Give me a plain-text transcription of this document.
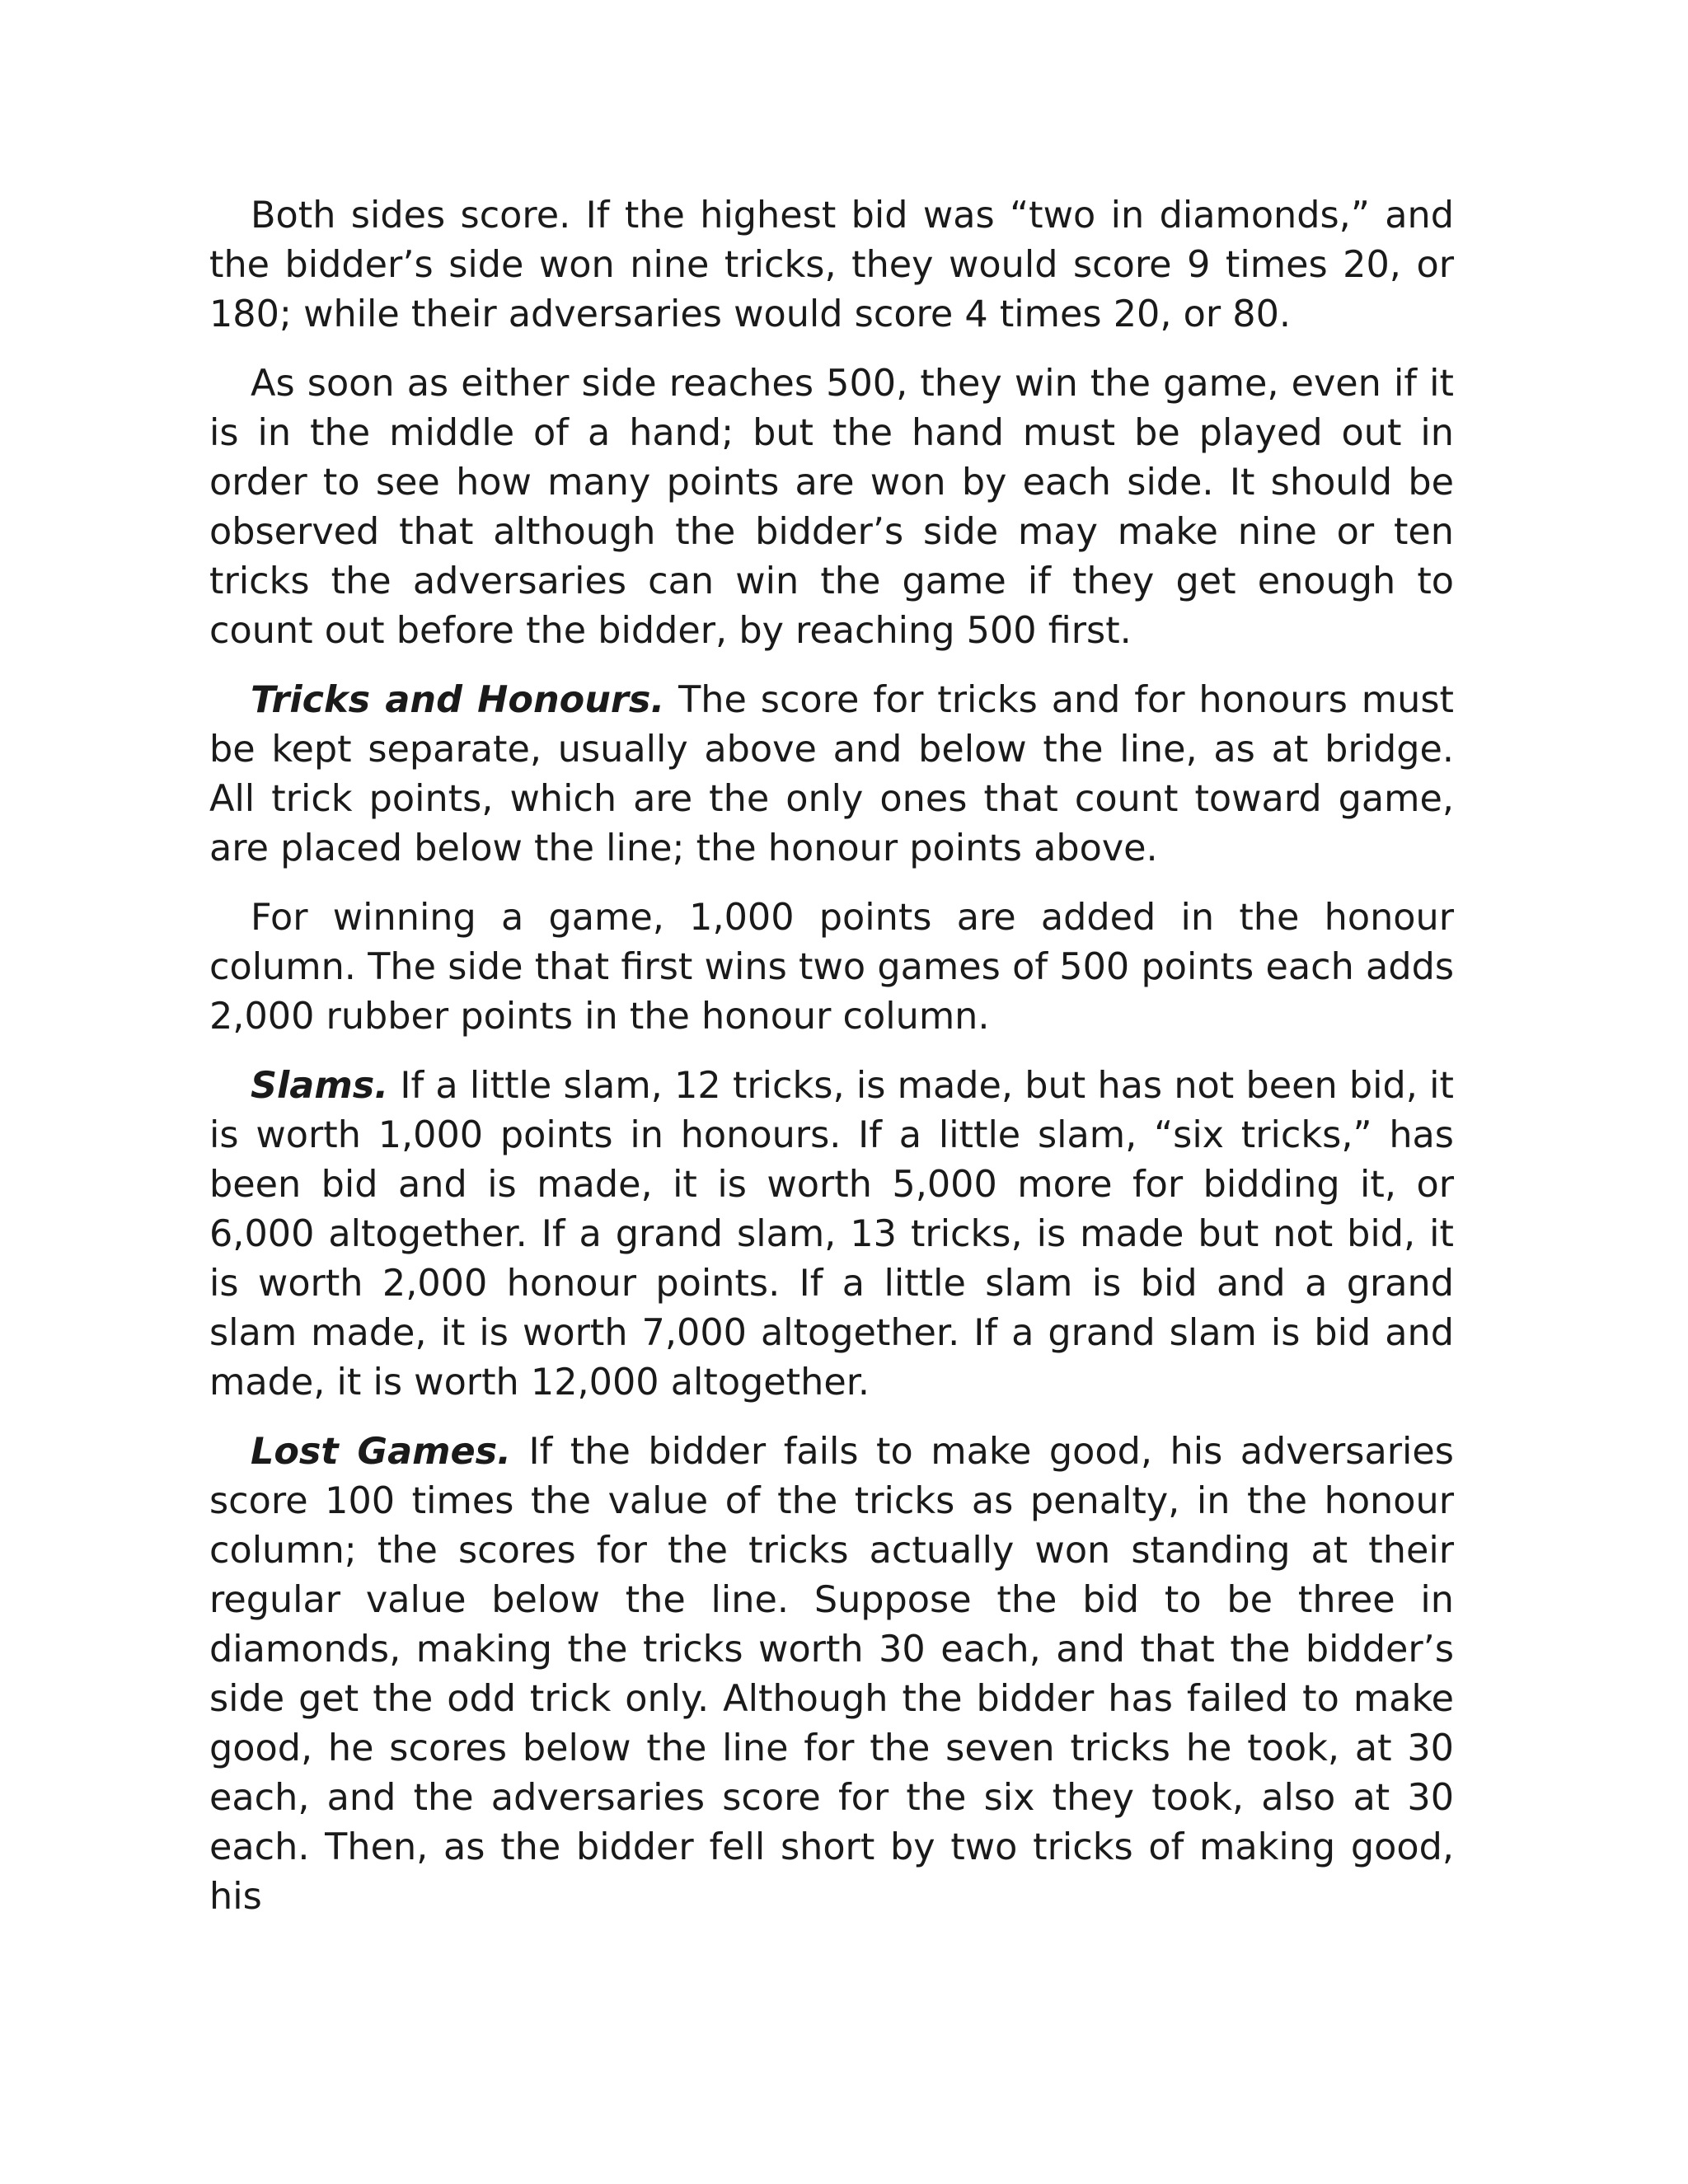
Both sides score. If the highest bid was “two in diamonds,” and the bidder’s side won nine tricks, they would score 9 times 20, or 180; while their adversaries would score 4 times 20, or 80.

As soon as either side reaches 500, they win the game, even if it is in the middle of a hand; but the hand must be played out in order to see how many points are won by each side. It should be observed that although the bidder’s side may make nine or ten tricks the adversaries can win the game if they get enough to count out before the bidder, by reaching 500 first.

Tricks and Honours. The score for tricks and for honours must be kept separate, usually above and below the line, as at bridge. All trick points, which are the only ones that count toward game, are placed below the line; the honour points above.

For winning a game, 1,000 points are added in the honour column. The side that first wins two games of 500 points each adds 2,000 rubber points in the honour column.

Slams. If a little slam, 12 tricks, is made, but has not been bid, it is worth 1,000 points in honours. If a little slam, “six tricks,” has been bid and is made, it is worth 5,000 more for bidding it, or 6,000 altogether. If a grand slam, 13 tricks, is made but not bid, it is worth 2,000 honour points. If a little slam is bid and a grand slam made, it is worth 7,000 altogether. If a grand slam is bid and made, it is worth 12,000 altogether.

Lost Games. If the bidder fails to make good, his adversaries score 100 times the value of the tricks as penalty, in the honour column; the scores for the tricks actually won standing at their regular value below the line. Suppose the bid to be three in diamonds, making the tricks worth 30 each, and that the bidder’s side get the odd trick only. Although the bidder has failed to make good, he scores below the line for the seven tricks he took, at 30 each, and the adversaries score for the six they took, also at 30 each. Then, as the bidder fell short by two tricks of making good, his
